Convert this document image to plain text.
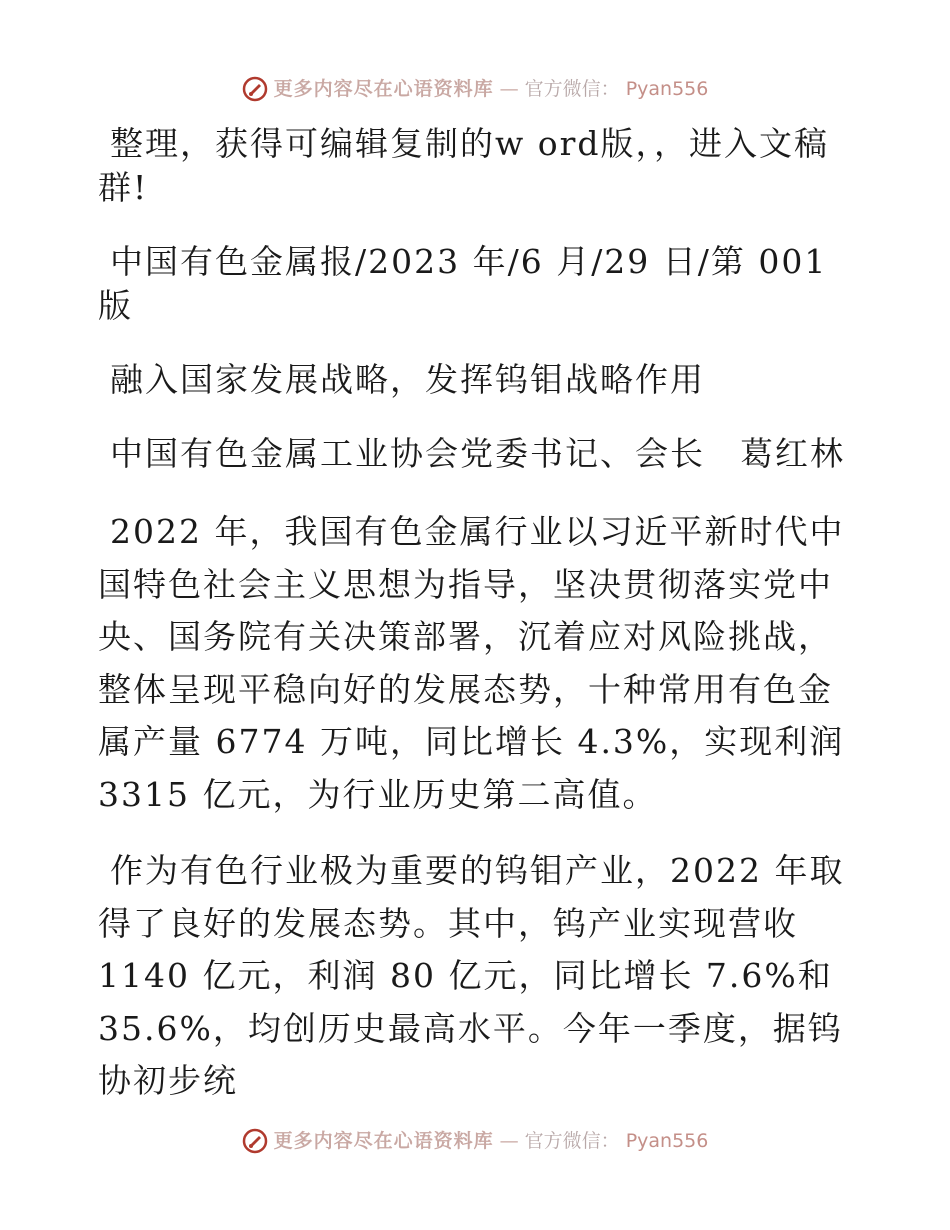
更多内容尽在心语资料库 — 官方微信： Pyan556

整理，获得可编辑复制的w ord版，，进入文稿群!

中国有色金属报/2023 年/6 月/29 日/第 001 版

融入国家发展战略，发挥钨钼战略作用

中国有色金属工业协会党委书记、会长　葛红林

2022 年，我国有色金属行业以习近平新时代中国特色社会主义思想为指导，坚决贯彻落实党中央、国务院有关决策部署，沉着应对风险挑战，整体呈现平稳向好的发展态势，十种常用有色金属产量 6774 万吨，同比增长 4.3%，实现利润 3315 亿元，为行业历史第二高值。

作为有色行业极为重要的钨钼产业，2022 年取得了良好的发展态势。其中，钨产业实现营收 1140 亿元，利润 80 亿元，同比增长 7.6%和 35.6%，均创历史最高水平。今年一季度，据钨协初步统

更多内容尽在心语资料库 — 官方微信： Pyan556
